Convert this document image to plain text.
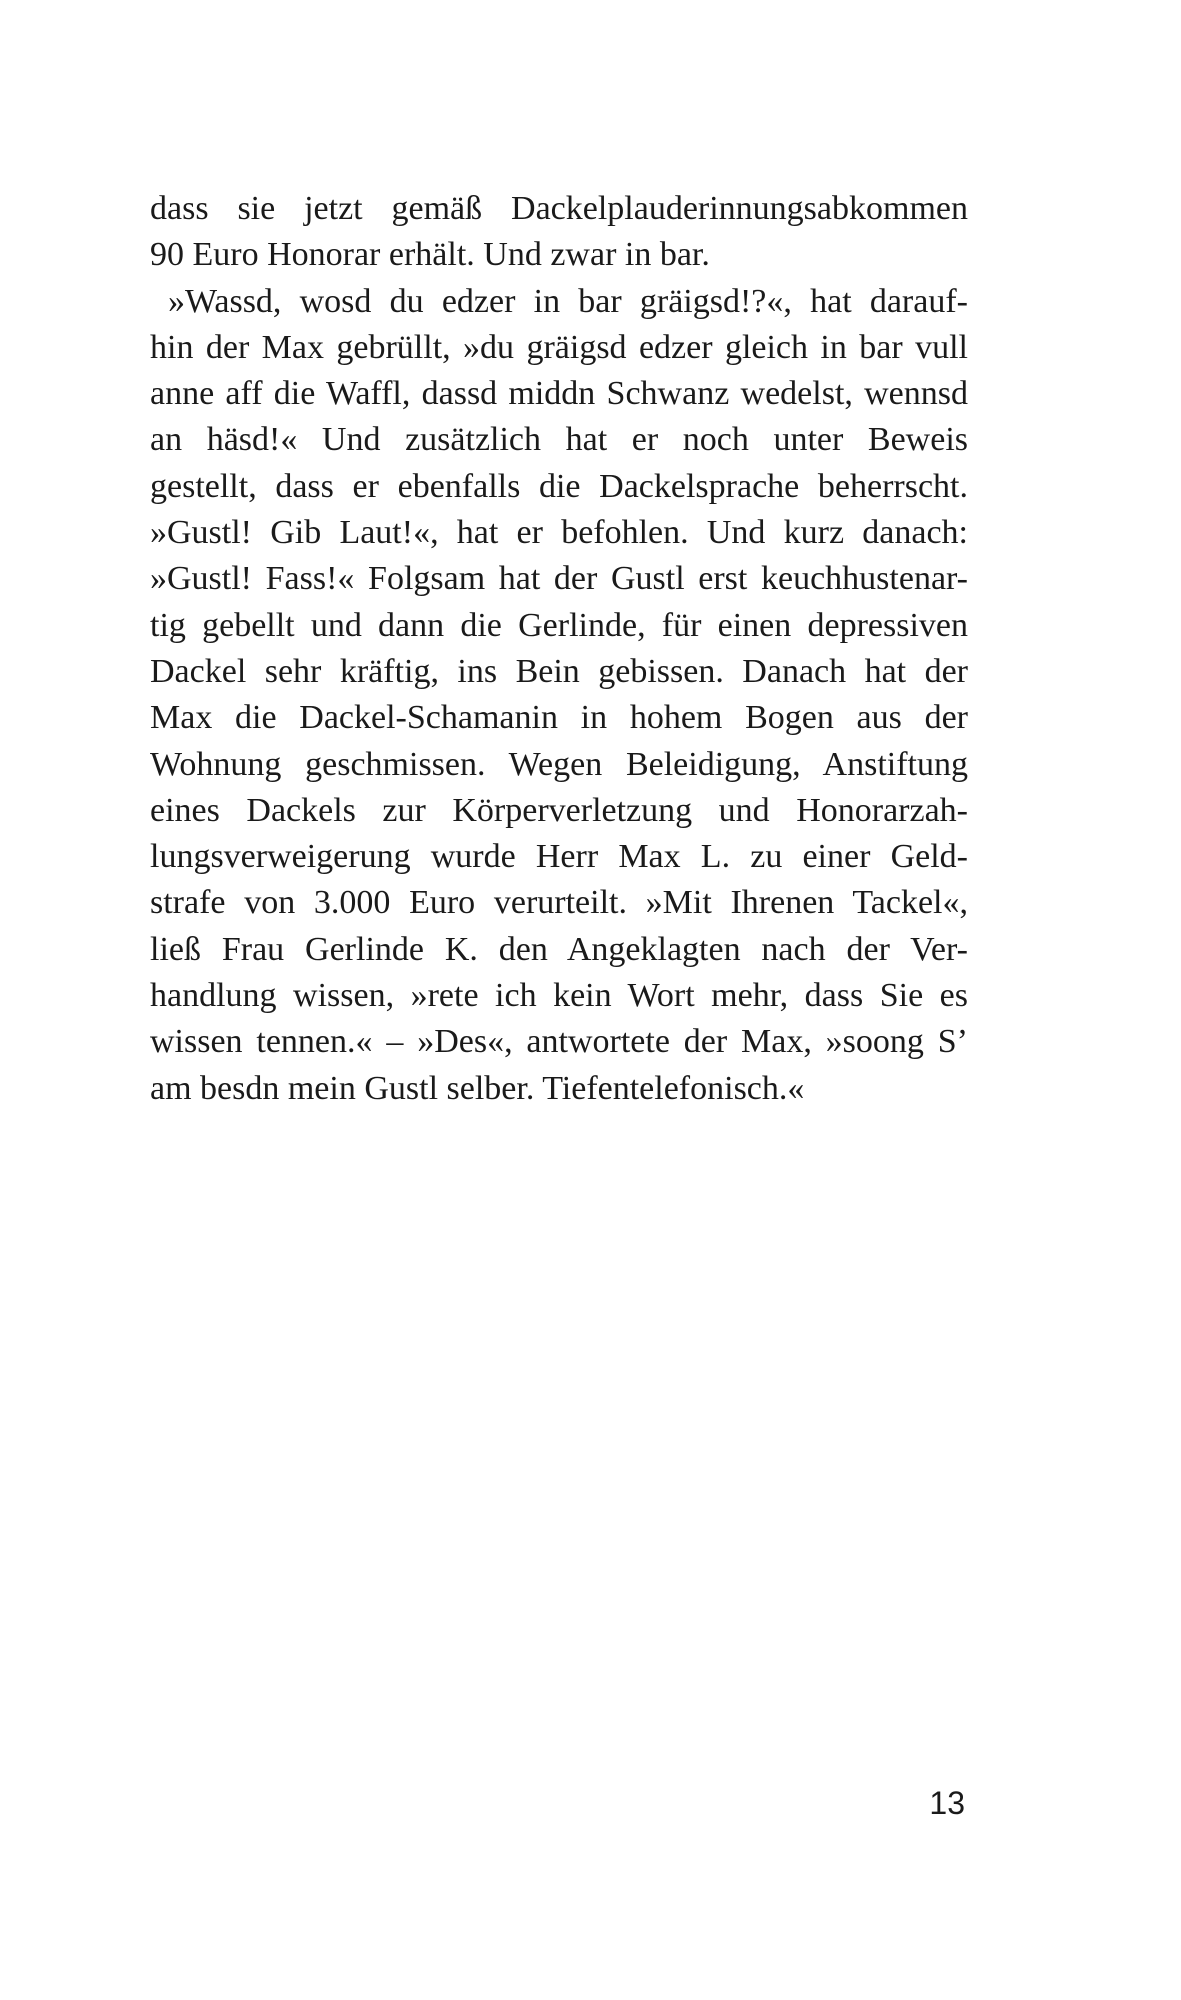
dass sie jetzt gemäß Dackelplauderinnungsabkommen
90 Euro Honorar erhält. Und zwar in bar.
»Wassd, wosd du edzer in bar gräigsd!?«, hat darauf-
hin der Max gebrüllt, »du gräigsd edzer gleich in bar vull
anne aff die Waffl, dassd middn Schwanz wedelst, wennsd
an häsd!« Und zusätzlich hat er noch unter Beweis
gestellt, dass er ebenfalls die Dackelsprache beherrscht.
»Gustl! Gib Laut!«, hat er befohlen. Und kurz danach:
»Gustl! Fass!« Folgsam hat der Gustl erst keuchhustenar-
tig gebellt und dann die Gerlinde, für einen depressiven
Dackel sehr kräftig, ins Bein gebissen. Danach hat der
Max die Dackel-Schamanin in hohem Bogen aus der
Wohnung geschmissen. Wegen Beleidigung, Anstiftung
eines Dackels zur Körperverletzung und Honorarzah-
lungsverweigerung wurde Herr Max L. zu einer Geld-
strafe von 3.000 Euro verurteilt. »Mit Ihrenen Tackel«,
ließ Frau Gerlinde K. den Angeklagten nach der Ver-
handlung wissen, »rete ich kein Wort mehr, dass Sie es
wissen tennen.« – »Des«, antwortete der Max, »soong S’
am besdn mein Gustl selber. Tiefentelefonisch.«
13
